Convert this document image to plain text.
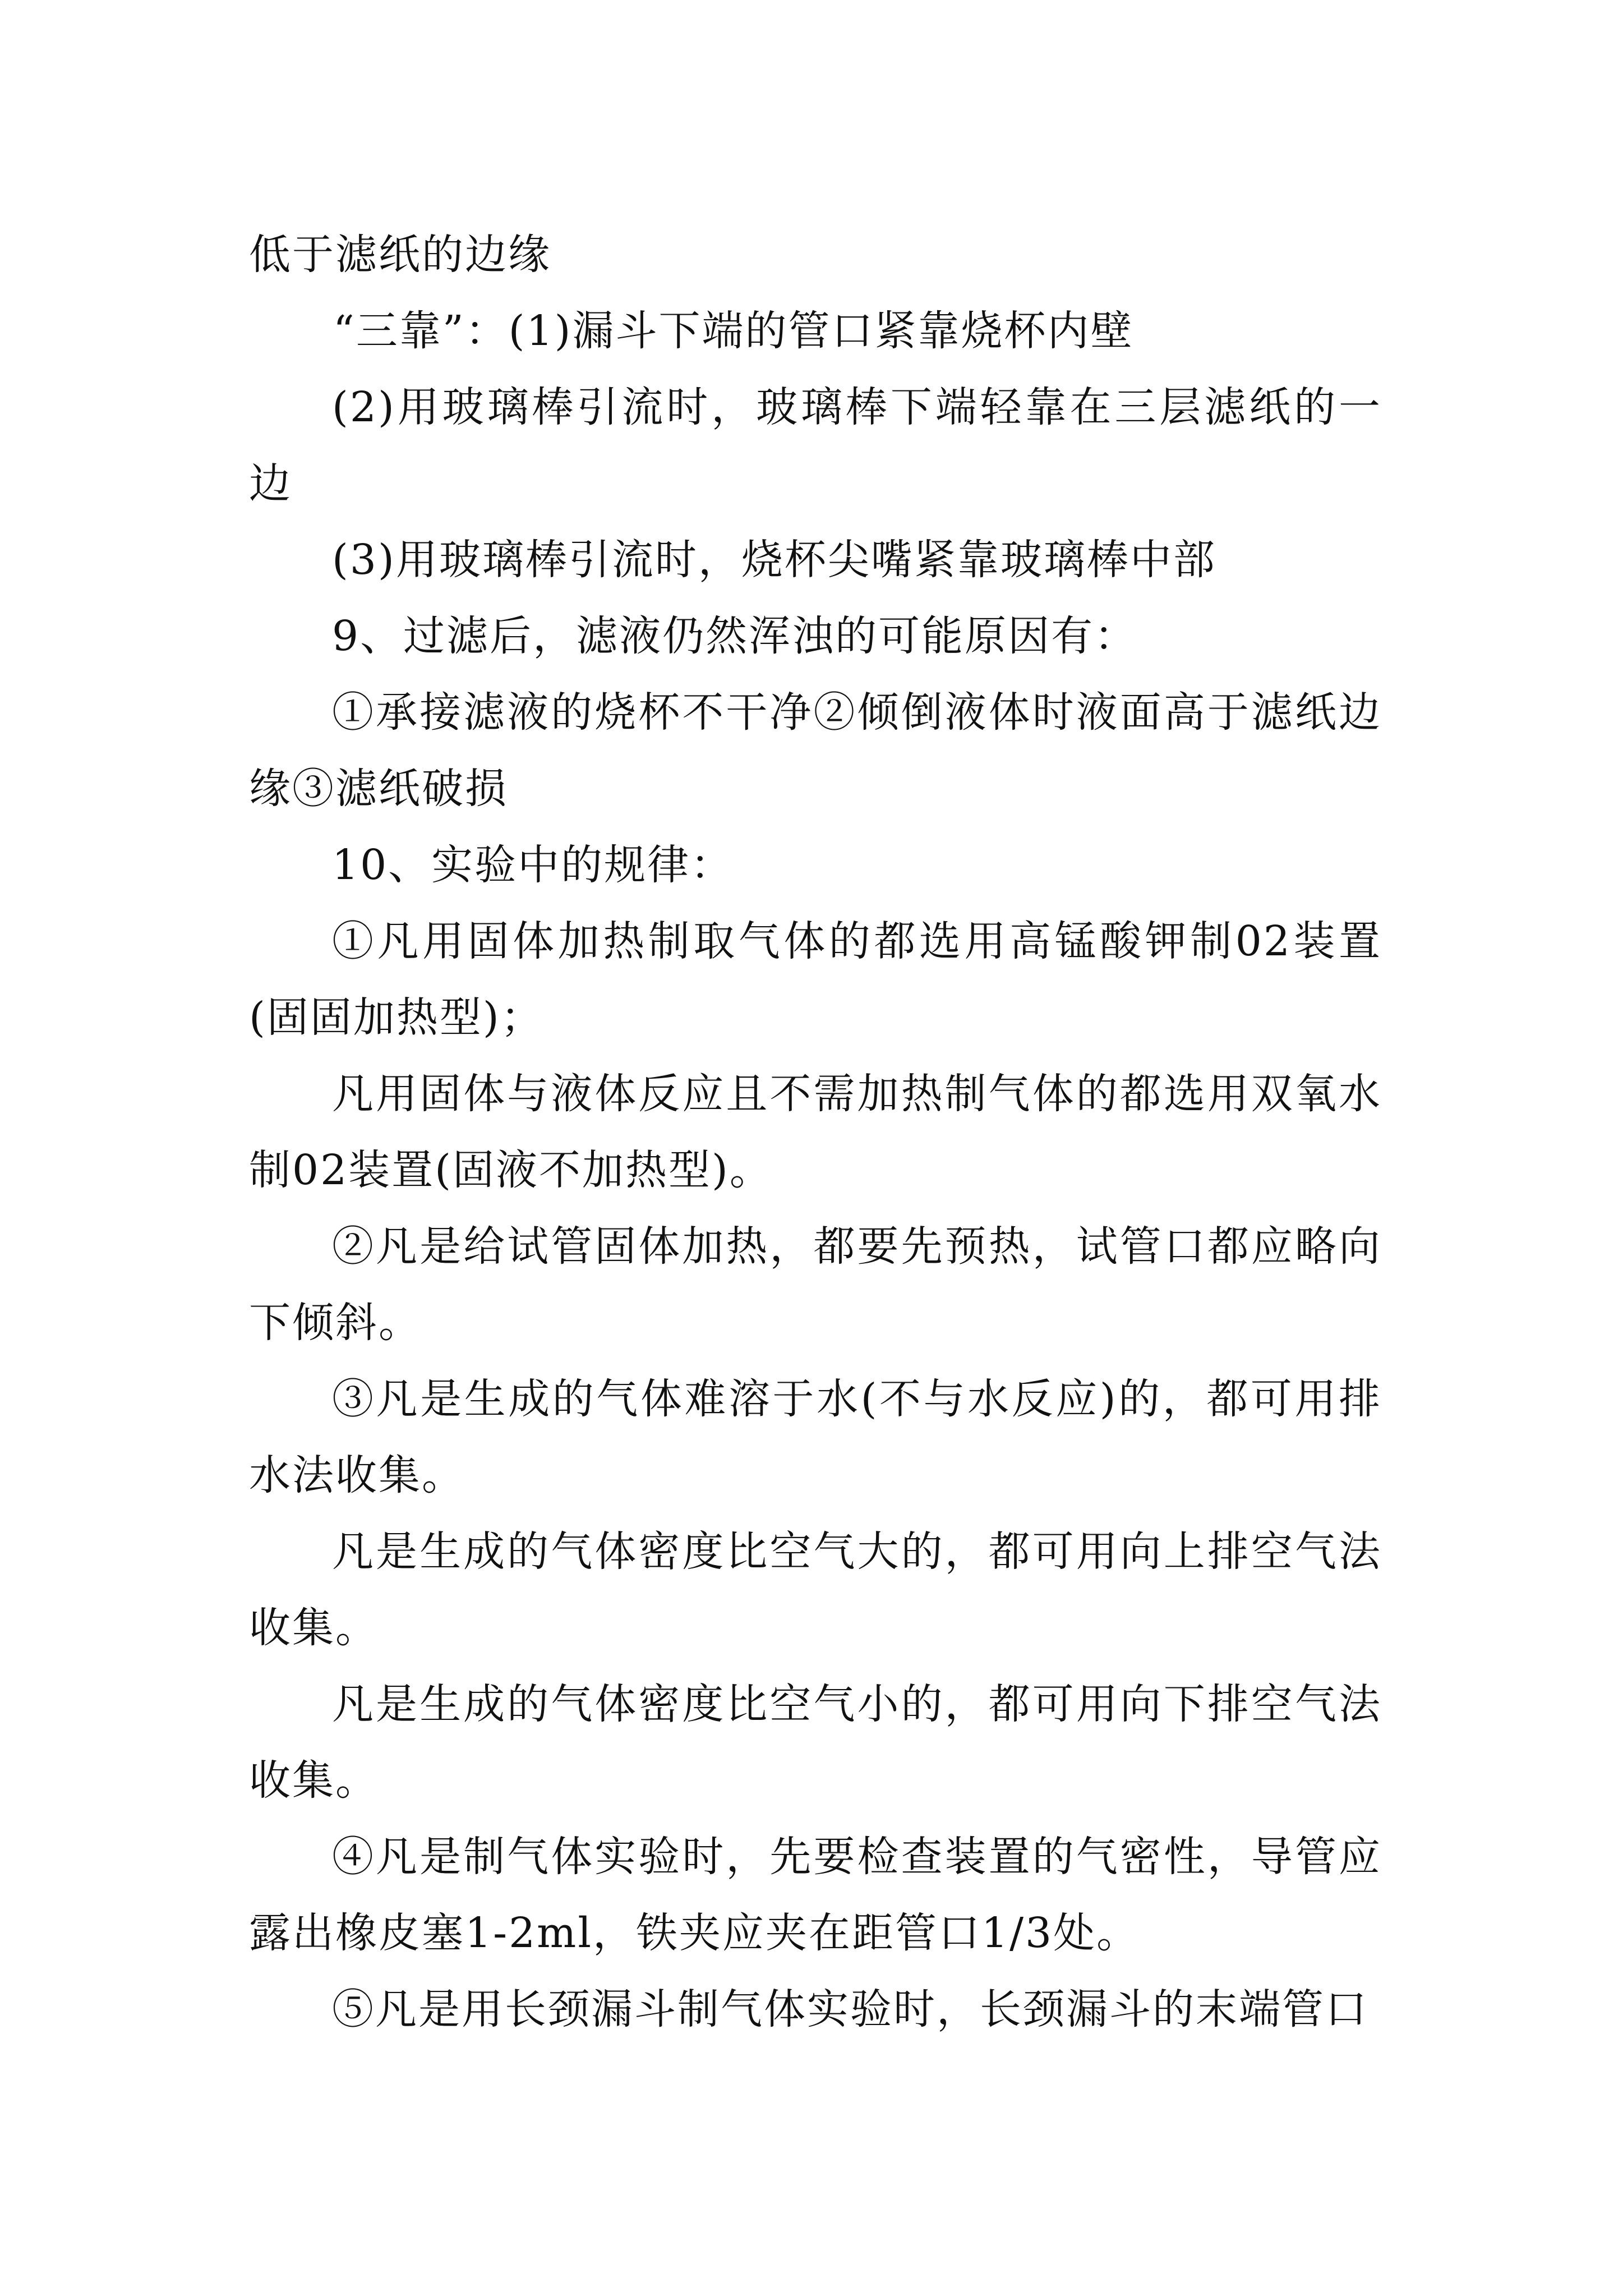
低于滤纸的边缘

“三靠”：(1)漏斗下端的管口紧靠烧杯内壁

(2)用玻璃棒引流时，玻璃棒下端轻靠在三层滤纸的一边

(3)用玻璃棒引流时，烧杯尖嘴紧靠玻璃棒中部

9、过滤后，滤液仍然浑浊的可能原因有：

①承接滤液的烧杯不干净②倾倒液体时液面高于滤纸边缘③滤纸破损

10、实验中的规律：

①凡用固体加热制取气体的都选用高锰酸钾制02装置(固固加热型)；

凡用固体与液体反应且不需加热制气体的都选用双氧水制02装置(固液不加热型)。

②凡是给试管固体加热，都要先预热，试管口都应略向下倾斜。

③凡是生成的气体难溶于水(不与水反应)的，都可用排水法收集。

凡是生成的气体密度比空气大的，都可用向上排空气法收集。

凡是生成的气体密度比空气小的，都可用向下排空气法收集。

④凡是制气体实验时，先要检查装置的气密性，导管应露出橡皮塞1-2ml，铁夹应夹在距管口1/3处。

⑤凡是用长颈漏斗制气体实验时，长颈漏斗的末端管口
